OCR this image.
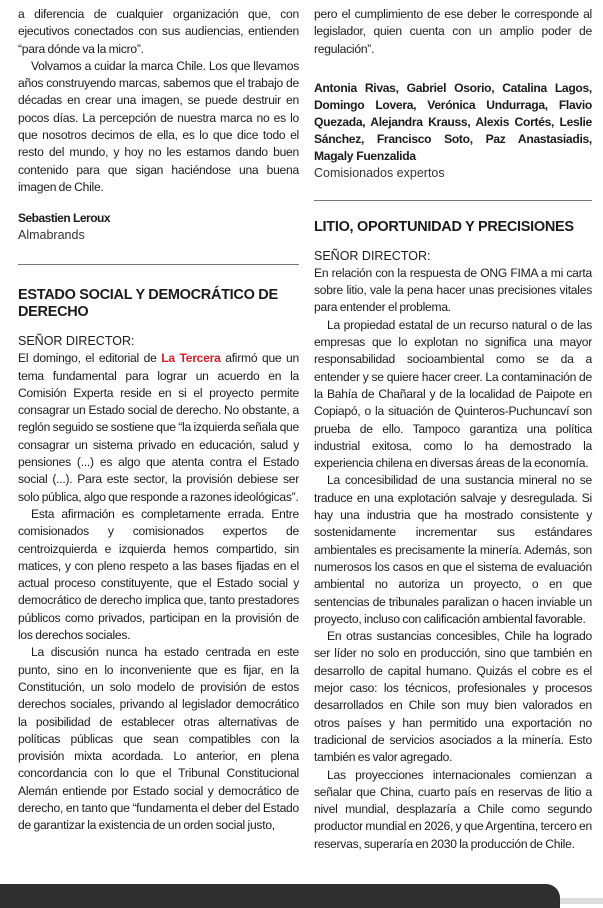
a diferencia de cualquier organización que, con ejecutivos conectados con sus audiencias, entienden “para dónde va la micro”.

Volvamos a cuidar la marca Chile. Los que llevamos años construyendo marcas, sabemos que el trabajo de décadas en crear una imagen, se puede destruir en pocos días. La percepción de nuestra marca no es lo que nosotros decimos de ella, es lo que dice todo el resto del mundo, y hoy no les estamos dando buen contenido para que sigan haciéndose una buena imagen de Chile.

Sebastien Leroux
Almabrands
ESTADO SOCIAL Y DEMOCRÁTICO DE DERECHO
SEÑOR DIRECTOR:

El domingo, el editorial de La Tercera afirmó que un tema fundamental para lograr un acuerdo en la Comisión Experta reside en si el proyecto permite consagrar un Estado social de derecho. No obstante, a reglón seguido se sostiene que “la izquierda señala que consagrar un sistema privado en educación, salud y pensiones (...) es algo que atenta contra el Estado social (...). Para este sector, la provisión debiese ser solo pública, algo que responde a razones ideológicas”.

Esta afirmación es completamente errada. Entre comisionados y comisionados expertos de centroizquierda e izquierda hemos compartido, sin matices, y con pleno respeto a las bases fijadas en el actual proceso constituyente, que el Estado social y democrático de derecho implica que, tanto prestadores públicos como privados, participan en la provisión de los derechos sociales.

La discusión nunca ha estado centrada en este punto, sino en lo inconveniente que es fijar, en la Constitución, un solo modelo de provisión de estos derechos sociales, privando al legislador democrático la posibilidad de establecer otras alternativas de políticas públicas que sean compatibles con la provisión mixta acordada. Lo anterior, en plena concordancia con lo que el Tribunal Constitucional Alemán entiende por Estado social y democrático de derecho, en tanto que “fundamenta el deber del Estado de garantizar la existencia de un orden social justo,

pero el cumplimiento de ese deber le corresponde al legislador, quien cuenta con un amplio poder de regulación”.

Antonia Rivas, Gabriel Osorio, Catalina Lagos, Domingo Lovera, Verónica Undurraga, Flavio Quezada, Alejandra Krauss, Alexis Cortés, Leslie Sánchez, Francisco Soto, Paz Anastasiadis, Magaly Fuenzalida

Comisionados expertos
LITIO, OPORTUNIDAD Y PRECISIONES
SEÑOR DIRECTOR:

En relación con la respuesta de ONG FIMA a mi carta sobre litio, vale la pena hacer unas precisiones vitales para entender el problema.

La propiedad estatal de un recurso natural o de las empresas que lo explotan no significa una mayor responsabilidad socioambiental como se da a entender y se quiere hacer creer. La contaminación de la Bahía de Chañaral y de la localidad de Paipote en Copiapó, o la situación de Quinteros-Puchuncaví son prueba de ello. Tampoco garantiza una política industrial exitosa, como lo ha demostrado la experiencia chilena en diversas áreas de la economía.

La concesibilidad de una sustancia mineral no se traduce en una explotación salvaje y desregulada. Si hay una industria que ha mostrado consistente y sostenidamente incrementar sus estándares ambientales es precisamente la minería. Además, son numerosos los casos en que el sistema de evaluación ambiental no autoriza un proyecto, o en que sentencias de tribunales paralizan o hacen inviable un proyecto, incluso con calificación ambiental favorable.

En otras sustancias concesibles, Chile ha logrado ser líder no solo en producción, sino que también en desarrollo de capital humano. Quizás el cobre es el mejor caso: los técnicos, profesionales y procesos desarrollados en Chile son muy bien valorados en otros países y han permitido una exportación no tradicional de servicios asociados a la minería. Esto también es valor agregado.

Las proyecciones internacionales comienzan a señalar que China, cuarto país en reservas de litio a nivel mundial, desplazaría a Chile como segundo productor mundial en 2026, y que Argentina, tercero en reservas, superaría en 2030 la producción de Chile.
